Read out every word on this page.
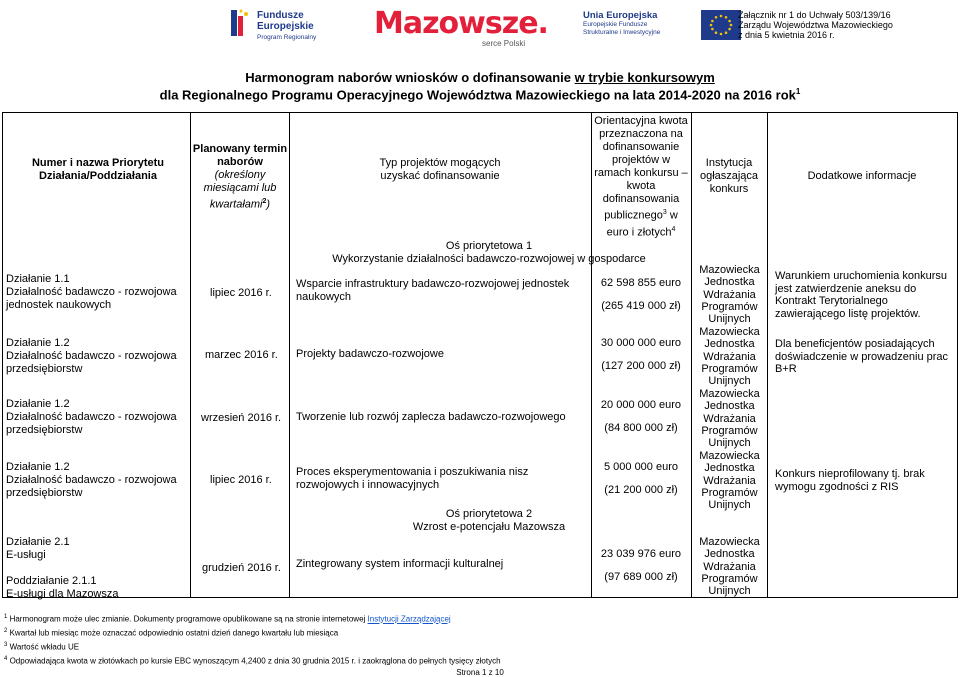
Fundusze
Europejskie
Program Regionalny Mazowsze.
serce Polski
Unia Europejska
Europejskie Fundusze
Strukturalne i Inwestycyjne
Załącznik nr 1 do Uchwały 503/139/16
Zarządu Województwa Mazowieckiego
z dnia 5 kwietnia 2016 r.
Harmonogram naborów wniosków o dofinansowanie w trybie konkursowym
dla Regionalnego Programu Operacyjnego Województwa Mazowieckiego na lata 2014-2020 na 2016 rok$^1$
Numer i nazwa Priorytetu Działania/Poddziałania
Planowany termin naborów
(określony miesiącami lub kwartałami$^2$)
Typ projektów mogących uzyskać dofinansowanie
Orientacyjna kwota przeznaczona na dofinansowanie projektów w ramach konkursu – kwota dofinansowania publicznego$^3$ w euro i złotych$^4$
Instytucja ogłaszająca konkurs
Dodatkowe informacje
Oś priorytetowa 1
Wykorzystanie działalności badawczo-rozwojowej w gospodarce
Działanie 1.1
Działalność badawczo - rozwojowa
jednostek naukowych
Działanie 1.2
Działalność badawczo - rozwojowa
przedsiębiorstw
Działanie 1.2
Działalność badawczo - rozwojowa
przedsiębiorstw
Działanie 1.2
Działalność badawczo - rozwojowa
przedsiębiorstw
Działanie 2.1
E-usługi
Poddziałanie 2.1.1
E-usługi dla Mazowsza
lipiec 2016 r.
marzec 2016 r.
wrzesień 2016 r.
lipiec 2016 r.
grudzień 2016 r.
Wsparcie infrastruktury badawczo-rozwojowej jednostek naukowych
Projekty badawczo-rozwojowe
Tworzenie lub rozwój zaplecza badawczo-rozwojowego
Proces eksperymentowania i poszukiwania nisz rozwojowych i innowacyjnych
Zintegrowany system informacji kulturalnej
Oś priorytetowa 2
Wzrost e-potencjału Mazowsza
62 598 855 euro
(265 419 000 zł)
30 000 000 euro
(127 200 000 zł)
20 000 000 euro
(84 800 000 zł)
5 000 000 euro
(21 200 000 zł)
23 039 976 euro
(97 689 000 zł)
Mazowiecka
Jednostka
Wdrażania
Programów
Unijnych
Mazowiecka
Jednostka
Wdrażania
Programów
Unijnych
Mazowiecka
Jednostka
Wdrażania
Programów
Unijnych
Mazowiecka
Jednostka
Wdrażania
Programów
Unijnych
Mazowiecka
Jednostka
Wdrażania
Programów
Unijnych
Warunkiem uruchomienia konkursu jest zatwierdzenie aneksu do Kontrakt Terytorialnego zawierającego listę projektów.
Dla beneficjentów posiadających doświadczenie w prowadzeniu prac B+R
Konkurs nieprofilowany tj. brak wymogu zgodności z RIS
$^1$ Harmonogram może ulec zmianie. Dokumenty programowe opublikowane są na stronie internetowej Instytucji Zarządzającej
$^2$ Kwartał lub miesiąc może oznaczać odpowiednio ostatni dzień danego kwartału lub miesiąca
$^3$ Wartość wkładu UE
$^4$ Odpowiadająca kwota w złotówkach po kursie EBC wynoszącym 4,2400 z dnia 30 grudnia 2015 r. i zaokrąglona do pełnych tysięcy złotych
Strona 1 z 10
